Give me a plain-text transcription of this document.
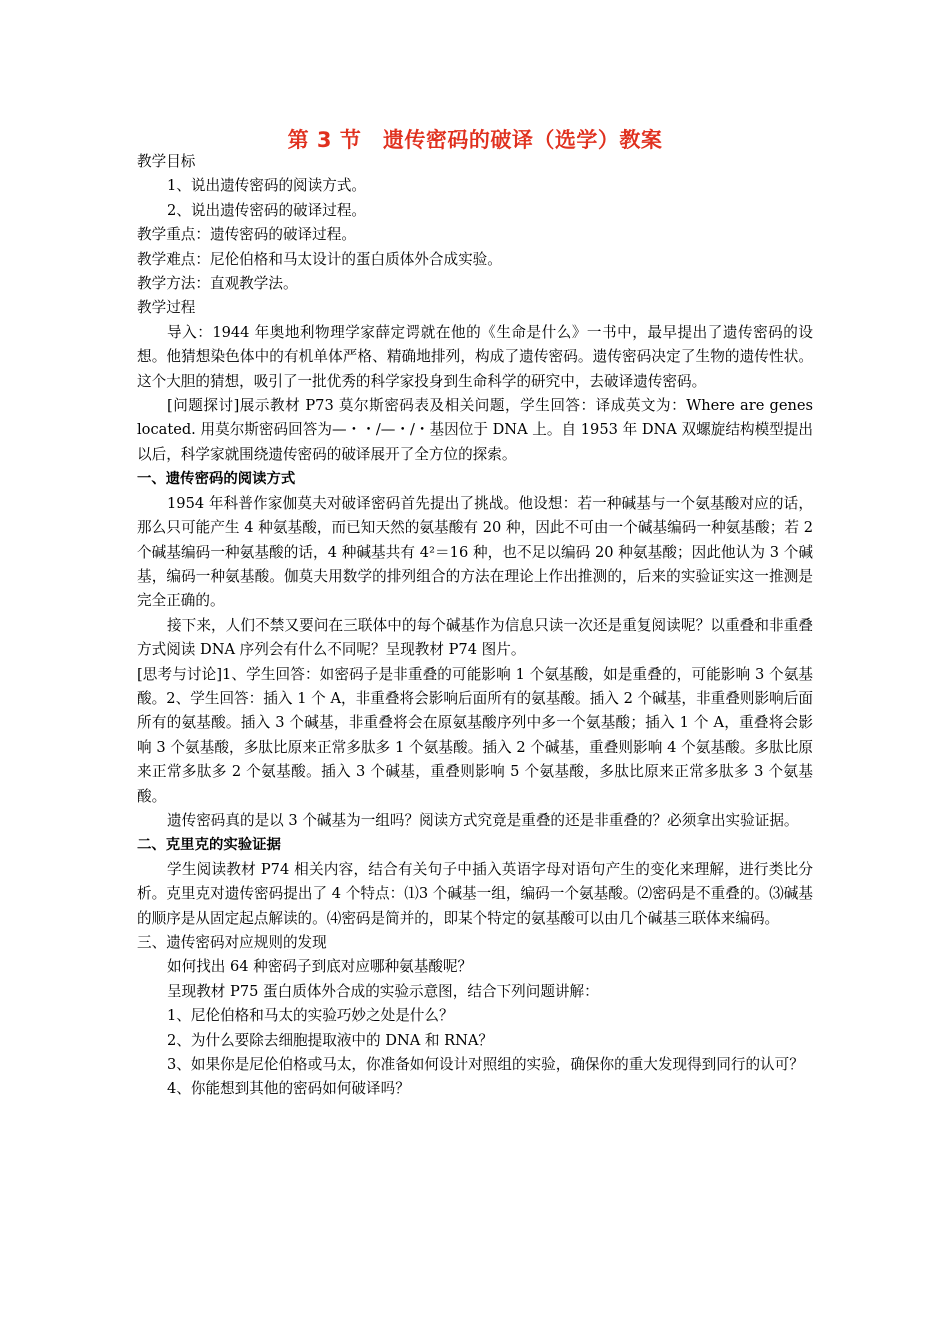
第 3 节　遗传密码的破译（选学）教案

教学目标

1、说出遗传密码的阅读方式。

2、说出遗传密码的破译过程。

教学重点：遗传密码的破译过程。

教学难点：尼伦伯格和马太设计的蛋白质体外合成实验。

教学方法：直观教学法。

教学过程

导入：1944 年奥地利物理学家薛定谔就在他的《生命是什么》一书中，最早提出了遗传密码的设想。他猜想染色体中的有机单体严格、精确地排列，构成了遗传密码。遗传密码决定了生物的遗传性状。这个大胆的猜想，吸引了一批优秀的科学家投身到生命科学的研究中，去破译遗传密码。

[问题探讨]展示教材 P73 莫尔斯密码表及相关问题，学生回答：译成英文为：Where are genes located. 用莫尔斯密码回答为—・・/—・/・基因位于 DNA 上。自 1953 年 DNA 双螺旋结构模型提出以后，科学家就围绕遗传密码的破译展开了全方位的探索。

一、遗传密码的阅读方式

1954 年科普作家伽莫夫对破译密码首先提出了挑战。他设想：若一种碱基与一个氨基酸对应的话，那么只可能产生 4 种氨基酸，而已知天然的氨基酸有 20 种，因此不可由一个碱基编码一种氨基酸；若 2 个碱基编码一种氨基酸的话，4 种碱基共有 4²＝16 种，也不足以编码 20 种氨基酸；因此他认为 3 个碱基，编码一种氨基酸。伽莫夫用数学的排列组合的方法在理论上作出推测的，后来的实验证实这一推测是完全正确的。

接下来，人们不禁又要问在三联体中的每个碱基作为信息只读一次还是重复阅读呢？以重叠和非重叠方式阅读 DNA 序列会有什么不同呢？呈现教材 P74 图片。

[思考与讨论]1、学生回答：如密码子是非重叠的可能影响 1 个氨基酸，如是重叠的，可能影响 3 个氨基酸。2、学生回答：插入 1 个 A，非重叠将会影响后面所有的氨基酸。插入 2 个碱基，非重叠则影响后面所有的氨基酸。插入 3 个碱基，非重叠将会在原氨基酸序列中多一个氨基酸；插入 1 个 A，重叠将会影响 3 个氨基酸，多肽比原来正常多肽多 1 个氨基酸。插入 2 个碱基，重叠则影响 4 个氨基酸。多肽比原来正常多肽多 2 个氨基酸。插入 3 个碱基，重叠则影响 5 个氨基酸，多肽比原来正常多肽多 3 个氨基酸。

遗传密码真的是以 3 个碱基为一组吗？阅读方式究竟是重叠的还是非重叠的？必须拿出实验证据。

二、克里克的实验证据

学生阅读教材 P74 相关内容，结合有关句子中插入英语字母对语句产生的变化来理解，进行类比分析。克里克对遗传密码提出了 4 个特点：⑴3 个碱基一组，编码一个氨基酸。⑵密码是不重叠的。⑶碱基的顺序是从固定起点解读的。⑷密码是简并的，即某个特定的氨基酸可以由几个碱基三联体来编码。

三、遗传密码对应规则的发现

如何找出 64 种密码子到底对应哪种氨基酸呢？

呈现教材 P75 蛋白质体外合成的实验示意图，结合下列问题讲解：

1、尼伦伯格和马太的实验巧妙之处是什么？

2、为什么要除去细胞提取液中的 DNA 和 RNA？

3、如果你是尼伦伯格或马太，你准备如何设计对照组的实验，确保你的重大发现得到同行的认可？

4、你能想到其他的密码如何破译吗？
